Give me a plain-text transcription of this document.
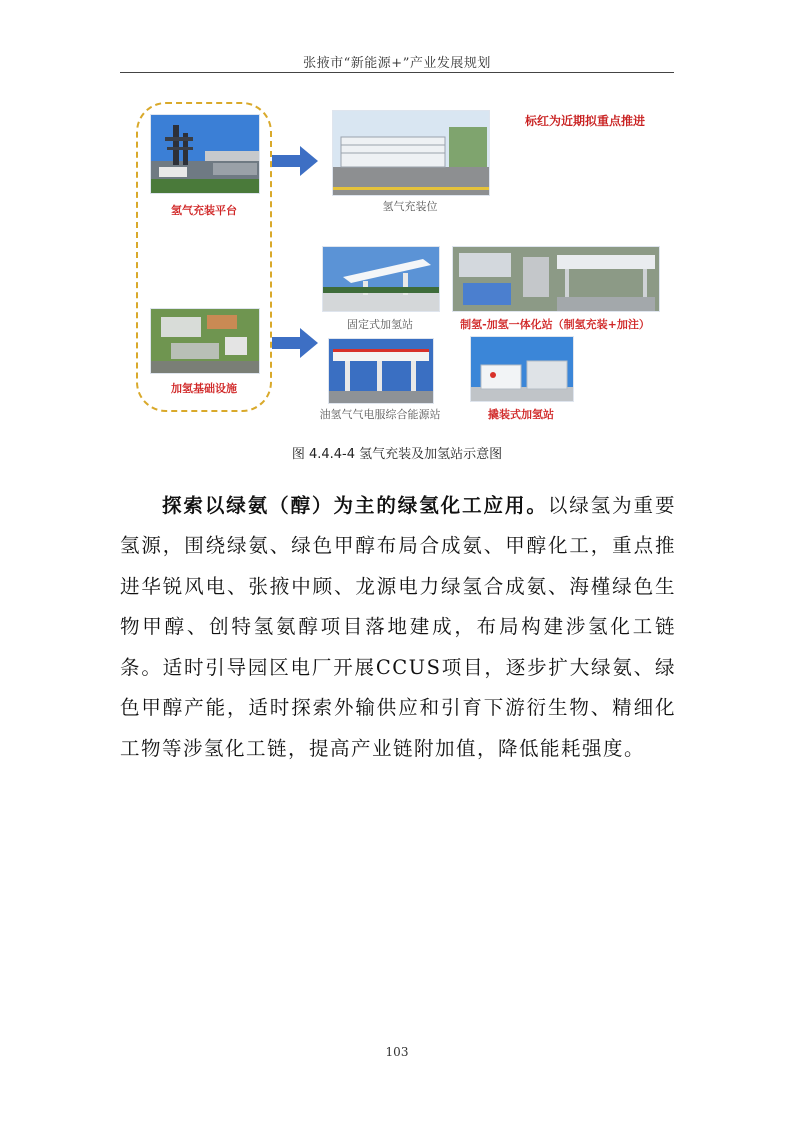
张掖市“新能源+”产业发展规划
氢气充装平台
加氢基础设施
氢气充装位
标红为近期拟重点推进
固定式加氢站	制氢-加氢一体化站（制氢充装+加注）
油氢气气电服综合能源站	撬装式加氢站
图 4.4.4-4 氢气充装及加氢站示意图

探索以绿氨（醇）为主的绿氢化工应用。以绿氢为重要氢源，围绕绿氨、绿色甲醇布局合成氨、甲醇化工，重点推进华锐风电、张掖中顾、龙源电力绿氢合成氨、海槿绿色生物甲醇、创特氢氨醇项目落地建成，布局构建涉氢化工链条。适时引导园区电厂开展CCUS项目，逐步扩大绿氨、绿色甲醇产能，适时探索外输供应和引育下游衍生物、精细化工物等涉氢化工链，提高产业链附加值，降低能耗强度。

103
